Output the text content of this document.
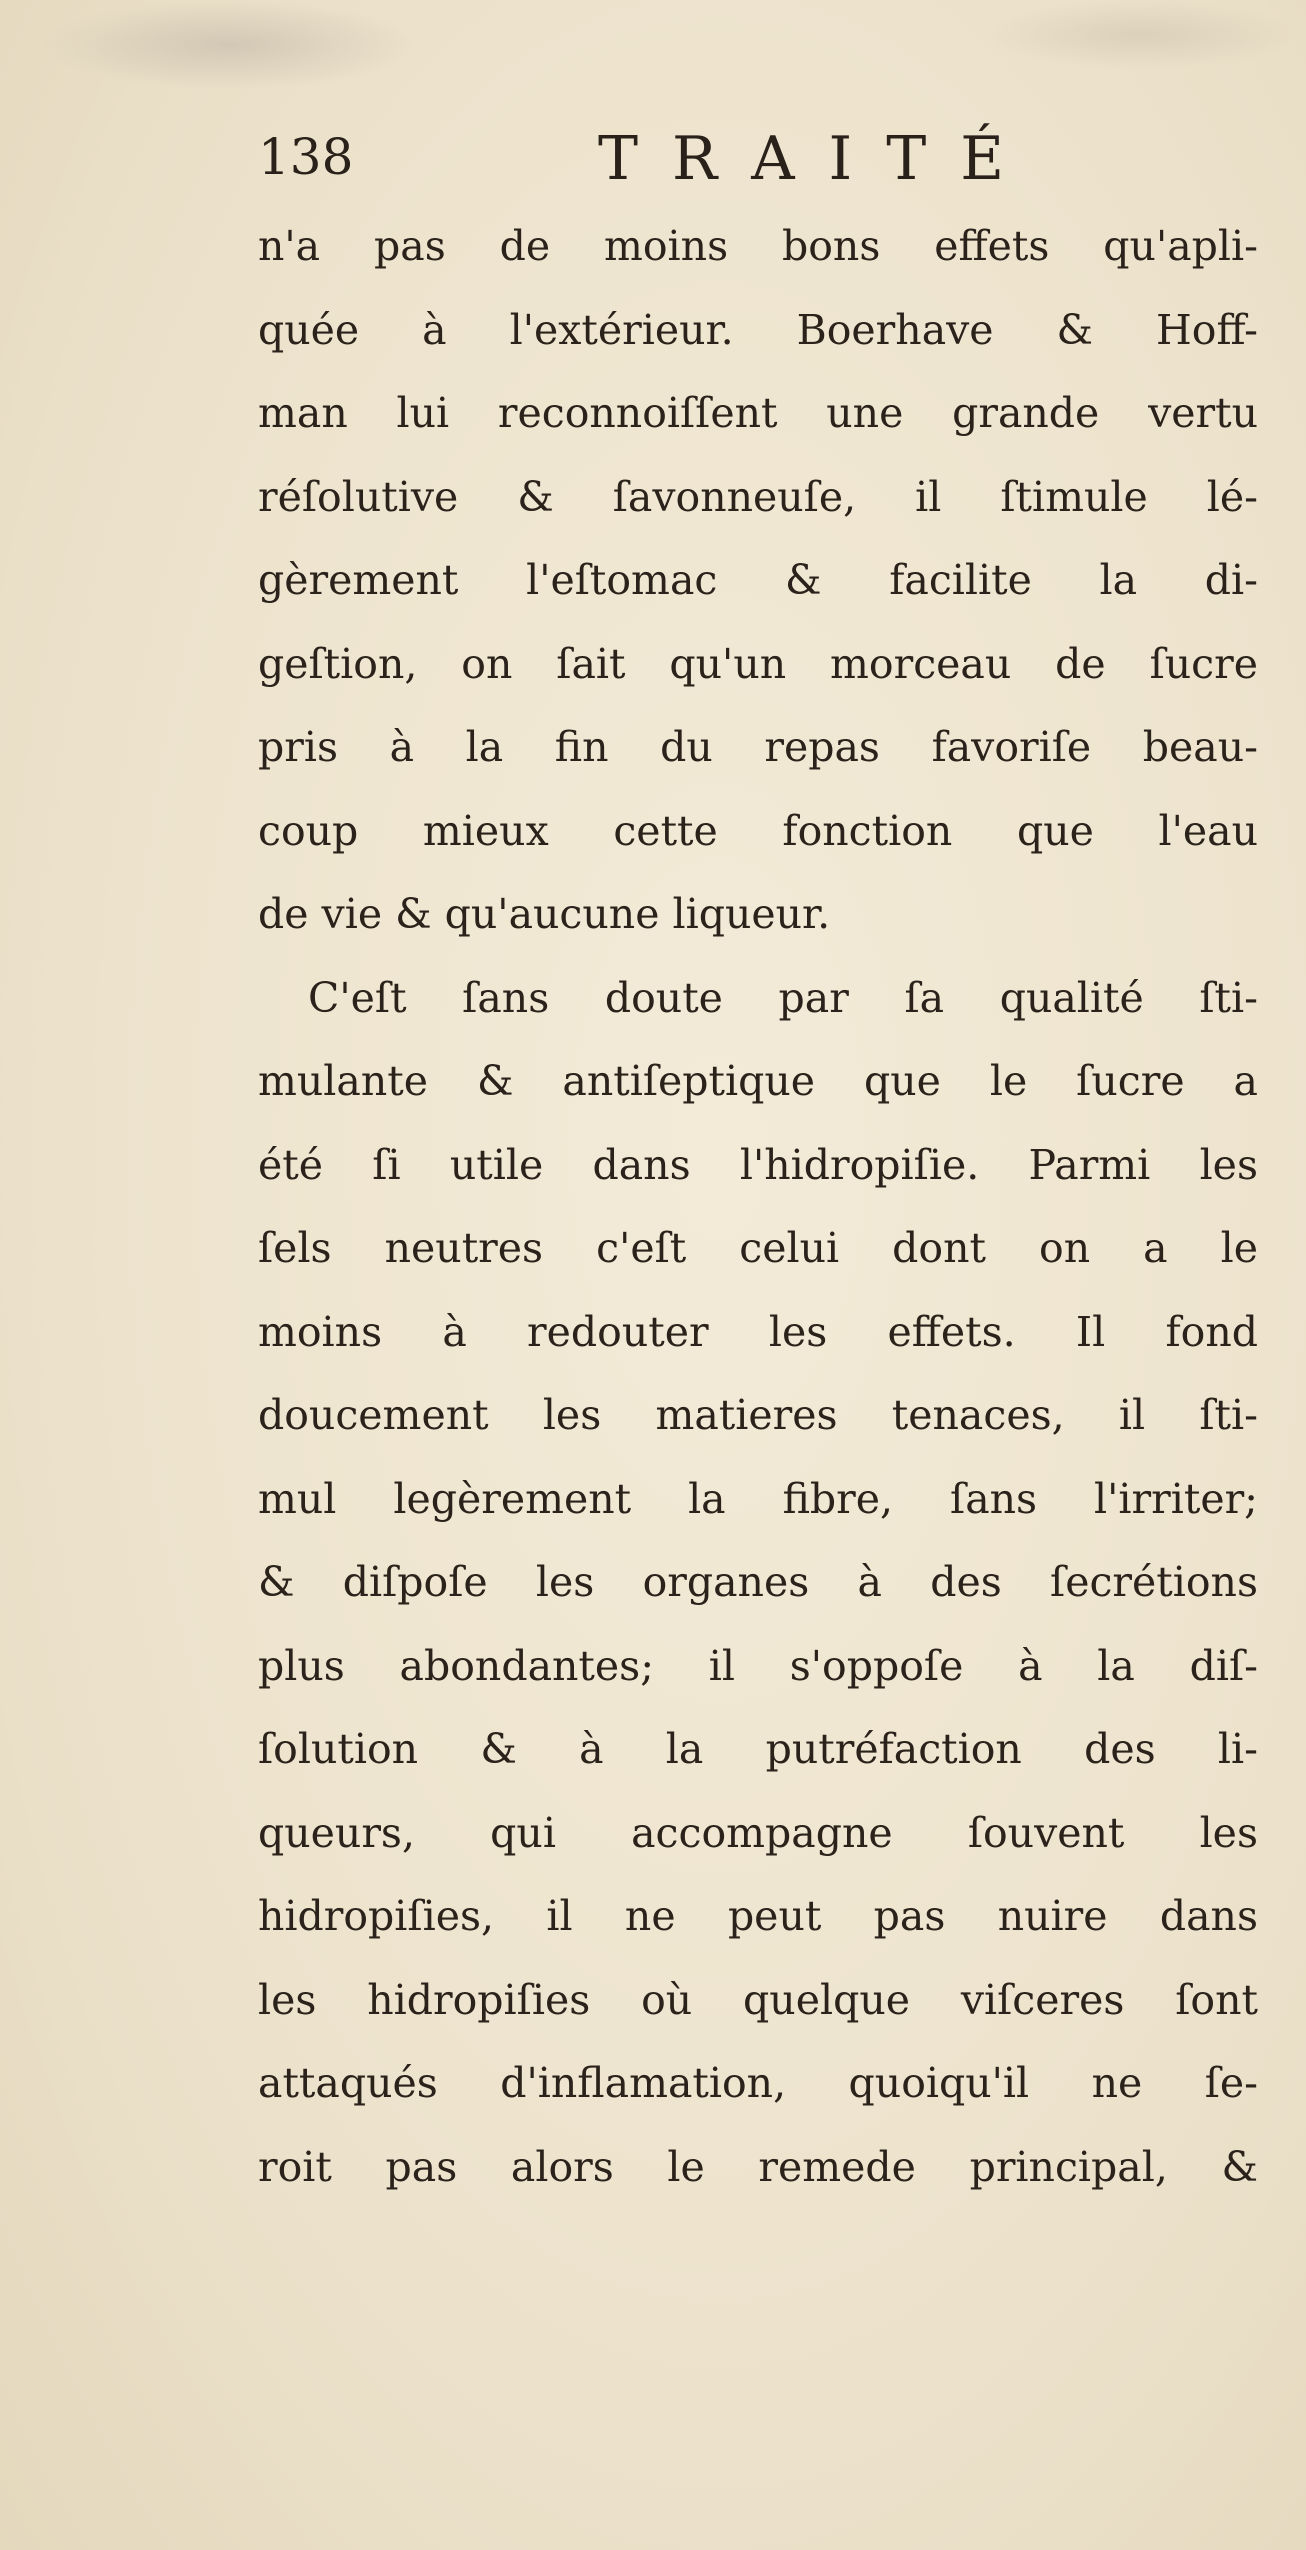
138	TRAITÉ
n'a pas de moins bons effets qu'apli-
quée à l'extérieur. Boerhave & Hoff-
man lui reconnoiſſent une grande vertu
réſolutive & ſavonneuſe, il ſtimule lé-
gèrement l'eſtomac & facilite la di-
geſtion, on ſait qu'un morceau de ſucre
pris à la fin du repas favoriſe beau-
coup mieux cette fonction que l'eau
de vie & qu'aucune liqueur.
C'eſt ſans doute par ſa qualité ſti-
mulante & antiſeptique que le ſucre a
été ſi utile dans l'hidropiſie. Parmi les
ſels neutres c'eſt celui dont on a le
moins à redouter les effets. Il fond
doucement les matieres tenaces, il ſti-
mul legèrement la fibre, ſans l'irriter;
& diſpoſe les organes à des ſecrétions
plus abondantes; il s'oppoſe à la diſ-
ſolution & à la putréfaction des li-
queurs, qui accompagne ſouvent les
hidropiſies, il ne peut pas nuire dans
les hidropiſies où quelque viſceres ſont
attaqués d'inflamation, quoiqu'il ne ſe-
roit pas alors le remede principal, &
